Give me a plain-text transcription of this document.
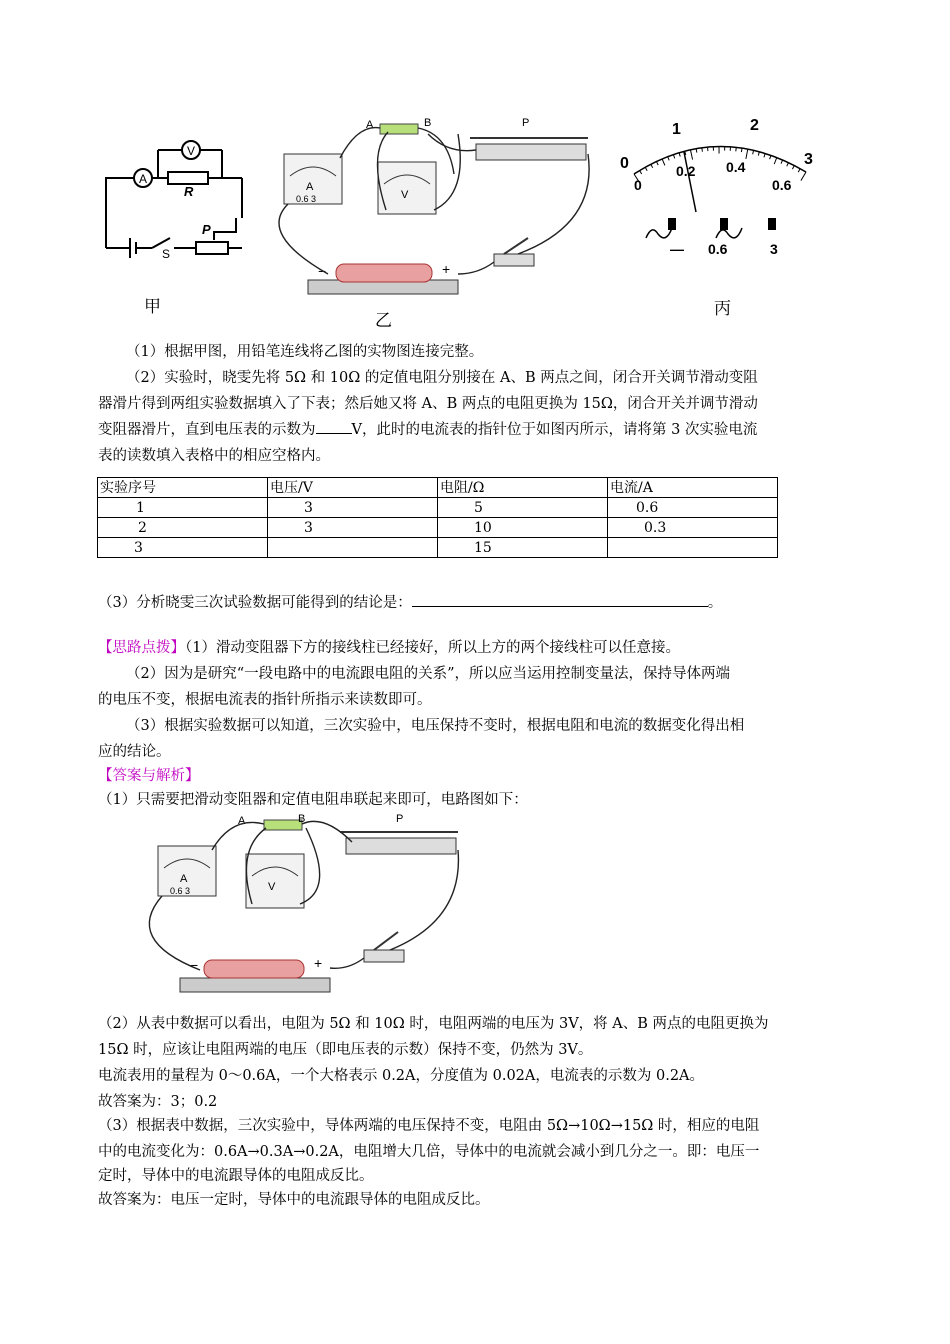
A
V
R
P
S
甲
A	B
A
0.6 3	V
P
−	+
乙
0
1	2
3
0
0.2 0.4
0.6
— 0.6	3
丙
（1）根据甲图，用铅笔连线将乙图的实物图连接完整。
（2）实验时，晓雯先将 5Ω 和 10Ω 的定值电阻分别接在 A、B 两点之间，闭合开关调节滑动变阻
器滑片得到两组实验数据填入了下表；然后她又将 A、B 两点的电阻更换为 15Ω，闭合开关并调节滑动
变阻器滑片，直到电压表的示数为 V，此时的电流表的指针位于如图丙所示，请将第 3 次实验电流
表的读数填入表格中的相应空格内。
实验序号	电压/V	电阻/Ω	电流/A
1	3	5	0.6
2	3	10	0.3
3		15	
（3）分析晓雯三次试验数据可能得到的结论是：	。
【思路点拨】（1）滑动变阻器下方的接线柱已经接好，所以上方的两个接线柱可以任意接。
（2）因为是研究“一段电路中的电流跟电阻的关系”，所以应当运用控制变量法，保持导体两端
的电压不变，根据电流表的指针所指示来读数即可。
（3）根据实验数据可以知道，三次实验中，电压保持不变时，根据电阻和电流的数据变化得出相
应的结论。
【答案与解析】
（1）只需要把滑动变阻器和定值电阻串联起来即可，电路图如下：
A	B
A
0.6 3	V
P
−	+
（2）从表中数据可以看出，电阻为 5Ω 和 10Ω 时，电阻两端的电压为 3V，将 A、B 两点的电阻更换为
15Ω 时，应该让电阻两端的电压（即电压表的示数）保持不变，仍然为 3V。
电流表用的量程为 0～0.6A，一个大格表示 0.2A，分度值为 0.02A，电流表的示数为 0.2A。
故答案为：3；0.2
（3）根据表中数据，三次实验中，导体两端的电压保持不变，电阻由 5Ω→10Ω→15Ω 时，相应的电阻
中的电流变化为：0.6A→0.3A→0.2A，电阻增大几倍，导体中的电流就会减小到几分之一。即：电压一
定时，导体中的电流跟导体的电阻成反比。
故答案为：电压一定时，导体中的电流跟导体的电阻成反比。
